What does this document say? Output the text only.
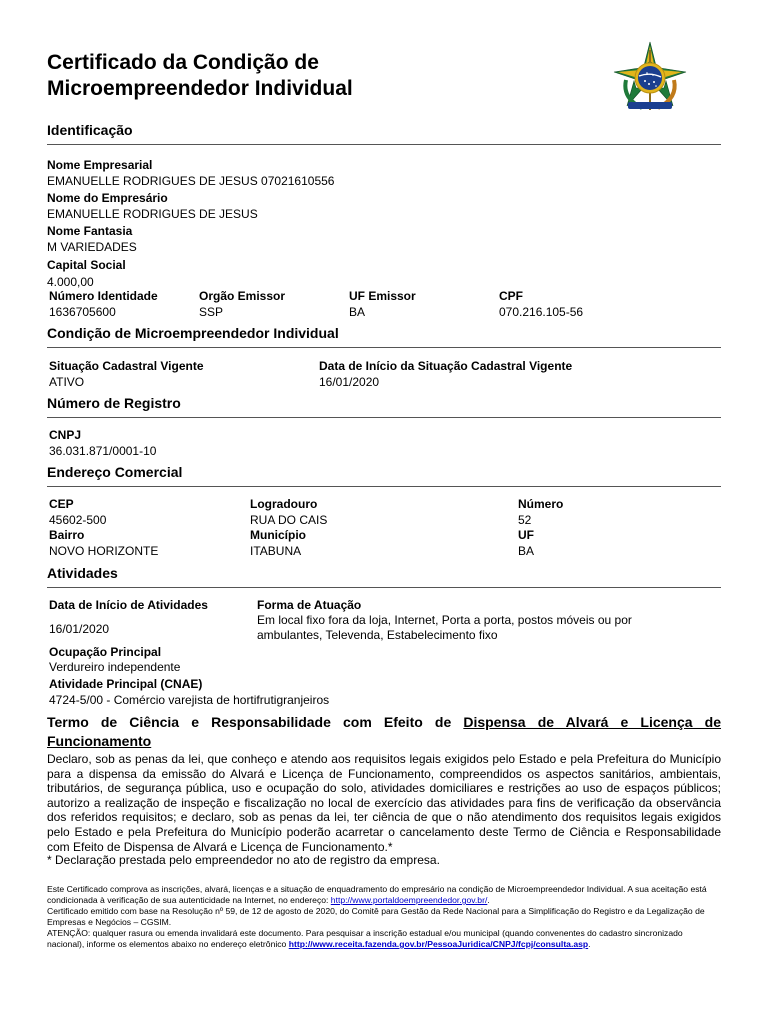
Certificado da Condição de
Microempreendedor Individual
Identificação
Nome Empresarial
EMANUELLE RODRIGUES DE JESUS 07021610556
Nome do Empresário
EMANUELLE RODRIGUES DE JESUS
Nome Fantasia
M VARIEDADES
Capital Social
4.000,00
Número Identidade
1636705600
Orgão Emissor
SSP
UF Emissor
BA
CPF
070.216.105-56
Condição de Microempreendedor Individual
Situação Cadastral Vigente
ATIVO
Data de Início da Situação Cadastral Vigente
16/01/2020
Número de Registro
CNPJ
36.031.871/0001-10
Endereço Comercial
CEP
45602-500
Logradouro
RUA DO CAIS
Número
52
Bairro
NOVO HORIZONTE
Município
ITABUNA
UF
BA
Atividades
Data de Início de Atividades
16/01/2020
Forma de Atuação
Em local fixo fora da loja, Internet, Porta a porta, postos móveis ou por
ambulantes, Televenda, Estabelecimento fixo
Ocupação Principal
Verdureiro independente
Atividade Principal (CNAE)
4724-5/00 - Comércio varejista de hortifrutigranjeiros
Termo de Ciência e Responsabilidade com Efeito de Dispensa de Alvará e Licença de Funcionamento
Declaro, sob as penas da lei, que conheço e atendo aos requisitos legais exigidos pelo Estado e pela Prefeitura do Município para a dispensa da emissão do Alvará e Licença de Funcionamento, compreendidos os aspectos sanitários, ambientais, tributários, de segurança pública, uso e ocupação do solo, atividades domiciliares e restrições ao uso de espaços públicos; autorizo a realização de inspeção e fiscalização no local de exercício das atividades para fins de verificação da observância dos referidos requisitos; e declaro, sob as penas da lei, ter ciência de que o não atendimento dos requisitos legais exigidos pelo Estado e pela Prefeitura do Município poderão acarretar o cancelamento deste Termo de Ciência e Responsabilidade com Efeito de Dispensa de Alvará e Licença de Funcionamento.*
* Declaração prestada pelo empreendedor no ato de registro da empresa.

Este Certificado comprova as inscrições, alvará, licenças e a situação de enquadramento do empresário na condição de Microempreendedor Individual. A sua aceitação está condicionada à verificação de sua autenticidade na Internet, no endereço: http://www.portaldoempreendedor.gov.br/.

Certificado emitido com base na Resolução nº 59, de 12 de agosto de 2020, do Comitê para Gestão da Rede Nacional para a Simplificação do Registro e da Legalização de Empresas e Negócios – CGSIM.

ATENÇÃO: qualquer rasura ou emenda invalidará este documento. Para pesquisar a inscrição estadual e/ou municipal (quando convenentes do cadastro sincronizado nacional), informe os elementos abaixo no endereço eletrônico http://www.receita.fazenda.gov.br/PessoaJuridica/CNPJ/fcpj/consulta.asp.
